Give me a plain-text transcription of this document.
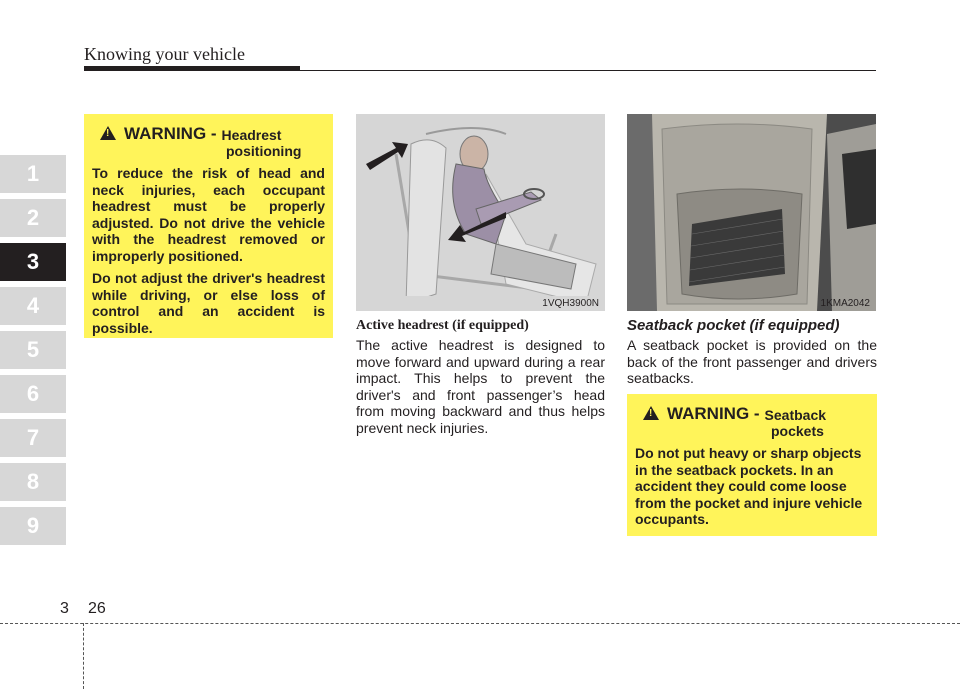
Knowing your vehicle
1
2
3
4
5
6
7
8
9
!
WARNING - Headrest
positioning

To reduce the risk of head and neck injuries, each occupant headrest must be properly adjusted. Do not drive the vehicle with the headrest removed or improperly positioned.

Do not adjust the driver's headrest while driving, or else loss of control and an accident is possible.

1VQH3900N	1KMA2042
Active headrest (if equipped)
The active headrest is designed to move forward and upward during a rear impact. This helps to prevent the driver's and front passenger’s head from moving backward and thus helps prevent neck injuries.
Seatback pocket (if equipped)
A seatback pocket is provided on the back of the front passenger and drivers seatbacks.
!
WARNING - Seatback
pockets

Do not put heavy or sharp objects in the seatback pockets. In an accident they could come loose from the pocket and injure vehicle occupants.

3 26
